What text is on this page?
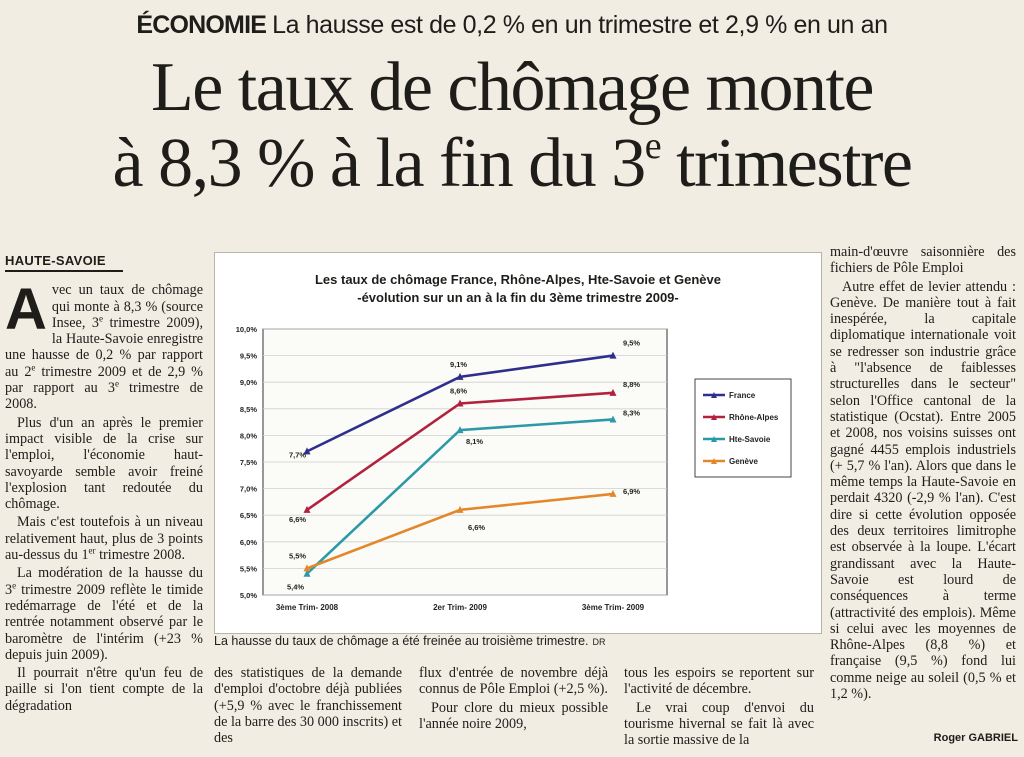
ÉCONOMIE La hausse est de 0,2 % en un trimestre et 2,9 % en un an
Le taux de chômage monte
à 8,3 % à la fin du 3e trimestre
HAUTE-SAVOIE

Avec un taux de chômage qui monte à 8,3 % (source Insee, 3e trimestre 2009), la Haute-Savoie enregistre une hausse de 0,2 % par rapport au 2e trimestre 2009 et de 2,9 % par rapport au 3e trimestre de 2008.

Plus d'un an après le premier impact visible de la crise sur l'emploi, l'économie haut-savoyarde semble avoir freiné l'explosion tant redoutée du chômage.

Mais c'est toutefois à un niveau relativement haut, plus de 3 points au-dessus du 1er trimestre 2008.

La modération de la hausse du 3e trimestre 2009 reflète le timide redémarrage de l'été et de la rentrée notamment observé par le baromètre de l'intérim (+23 % depuis juin 2009).

Il pourrait n'être qu'un feu de paille si l'on tient compte de la dégradation

Les taux de chômage France, Rhône-Alpes, Hte-Savoie et Genève
-évolution sur un an à la fin du 3ème trimestre 2009-
10,0%
9,5%
9,0%
8,5%
8,0%
7,5%
7,0%
6,5%
6,0%
5,5%
5,0%
3ème Trim- 2008	2er Trim- 2009	3ème Trim- 2009
7,7%
9,1%
9,5%
6,6%
8,6%
8,8%
5,4%
8,1%
8,3%
5,5%
6,6%
6,9%
France
Rhône-Alpes
Hte-Savoie
Genève
La hausse du taux de chômage a été freinée au troisième trimestre. DR

des statistiques de la demande d'emploi d'octobre déjà publiées (+5,9 % avec le franchissement de la barre des 30 000 inscrits) et des

flux d'entrée de novembre déjà connus de Pôle Emploi (+2,5 %).

Pour clore du mieux possible l'année noire 2009,

tous les espoirs se reportent sur l'activité de décembre.

Le vrai coup d'envoi du tourisme hivernal se fait là avec la sortie massive de la

main-d'œuvre saisonnière des fichiers de Pôle Emploi

Autre effet de levier attendu : Genève. De manière tout à fait inespérée, la capitale diplomatique internationale voit se redresser son industrie grâce à "l'absence de faiblesses structurelles dans le secteur" selon l'Office cantonal de la statistique (Ocstat). Entre 2005 et 2008, nos voisins suisses ont gagné 4455 emplois industriels (+ 5,7 % l'an). Alors que dans le même temps la Haute-Savoie en perdait 4320 (-2,9 % l'an). C'est dire si cette évolution opposée des deux territoires limitrophe est observée à la loupe. L'écart grandissant avec la Haute-Savoie est lourd de conséquences à terme (attractivité des emplois). Même si celui avec les moyennes de Rhône-Alpes (8,8 %) et française (9,5 %) fond lui comme neige au soleil (0,5 % et 1,2 %).

Roger GABRIEL
